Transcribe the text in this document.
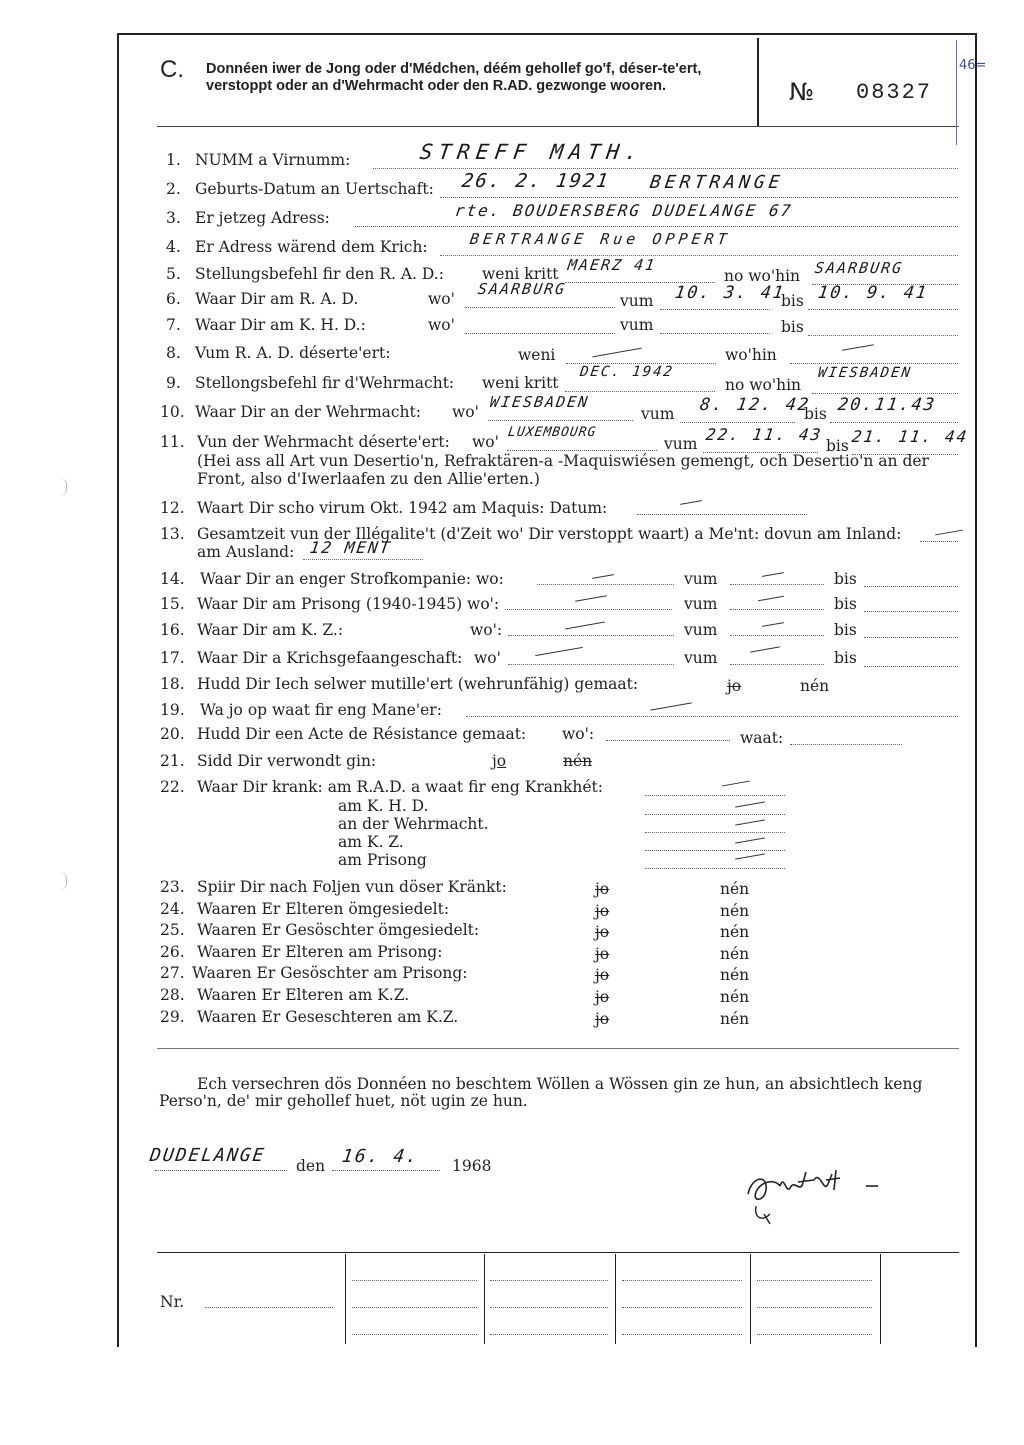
C. Donnéen iwer de Jong oder d'Médchen, déém gehollef go'f, déser-te'ert, verstoppt oder an d'Wehrmacht oder den R.AD. gezwonge wooren.	№ 08327
46=
1. NUMM a Virnumm:	STREFF MATH.
2. Geburts-Datum an Uertschaft: 26. 2. 1921 BERTRANGE
3. Er jetzeg Adress:	rte. BOUDERSBERG DUDELANGE 67
4. Er Adress wärend dem Krich:	BERTRANGE Rue OPPERT
5. Stellungsbefehl fir den R. A. D.: weni kritt MAERZ 41
no wo'hin SAARBURG
6. Waar Dir am R. A. D.	wo'
SAARBURG
vum 10. 3. 41
bis 10. 9. 41
7. Waar Dir am K. H. D.:	wo'	vum	bis
8. Vum R. A. D. déserte'ert:	weni	wo'hin
9. Stellongsbefehl fir d'Wehrmacht: weni kritt
DEC. 1942
no wo'hin
WIESBADEN
10. Waar Dir an der Wehrmacht: wo'
WIESBADEN
vum 8. 12. 42
bis 20.11.43
11. Vun der Wehrmacht déserte'ert: wo'
LUXEMBOURG
vum 22. 11. 43
bis 21. 11. 44
(Hei ass all Art vun Desertio'n, Refraktären-a -Maquiswiésen gemengt, och Desertio'n an der
Front, also d'Iwerlaafen zu den Allie'erten.)
12. Waart Dir scho virum Okt. 1942 am Maquis: Datum:
13. Gesamtzeit vun der Illégalite't (d'Zeit wo' Dir verstoppt waart) a Me'nt: dovun am Inland:
am Ausland: 12 MENT
14. Waar Dir an enger Strofkompanie: wo:	vum	bis
15. Waar Dir am Prisong (1940-1945) wo':	vum	bis
16. Waar Dir am K. Z.:	wo':	vum	bis
17. Waar Dir a Krichsgefaangeschaft: wo'	vum	bis
18. Hudd Dir Iech selwer mutille'ert (wehrunfähig) gemaat:	jo	nén
19. Wa jo op waat fir eng Mane'er:
20. Hudd Dir een Acte de Résistance gemaat: wo':	waat:
21. Sidd Dir verwondt gin:	jo	nén
22. Waar Dir krank: am R.A.D. a waat fir eng Krankhét:
am K. H. D.
an der Wehrmacht.
am K. Z.
am Prisong
23. Spiir Dir nach Foljen vun döser Kränkt:	jo	nén
24. Waaren Er Elteren ömgesiedelt:	jo	nén
25. Waaren Er Gesöschter ömgesiedelt:	jo	nén
26. Waaren Er Elteren am Prisong:	jo	nén
27. Waaren Er Gesöschter am Prisong:	jo	nén
28. Waaren Er Elteren am K.Z.	jo	nén
29. Waaren Er Geseschteren am K.Z.	jo	nén
Ech versechren dös Donnéen no beschtem Wöllen a Wössen gin ze hun, an absichtlech keng
Perso'n, de' mir gehollef huet, nöt ugin ze hun.
DUDELANGE den 16. 4. 1968
Nr.
